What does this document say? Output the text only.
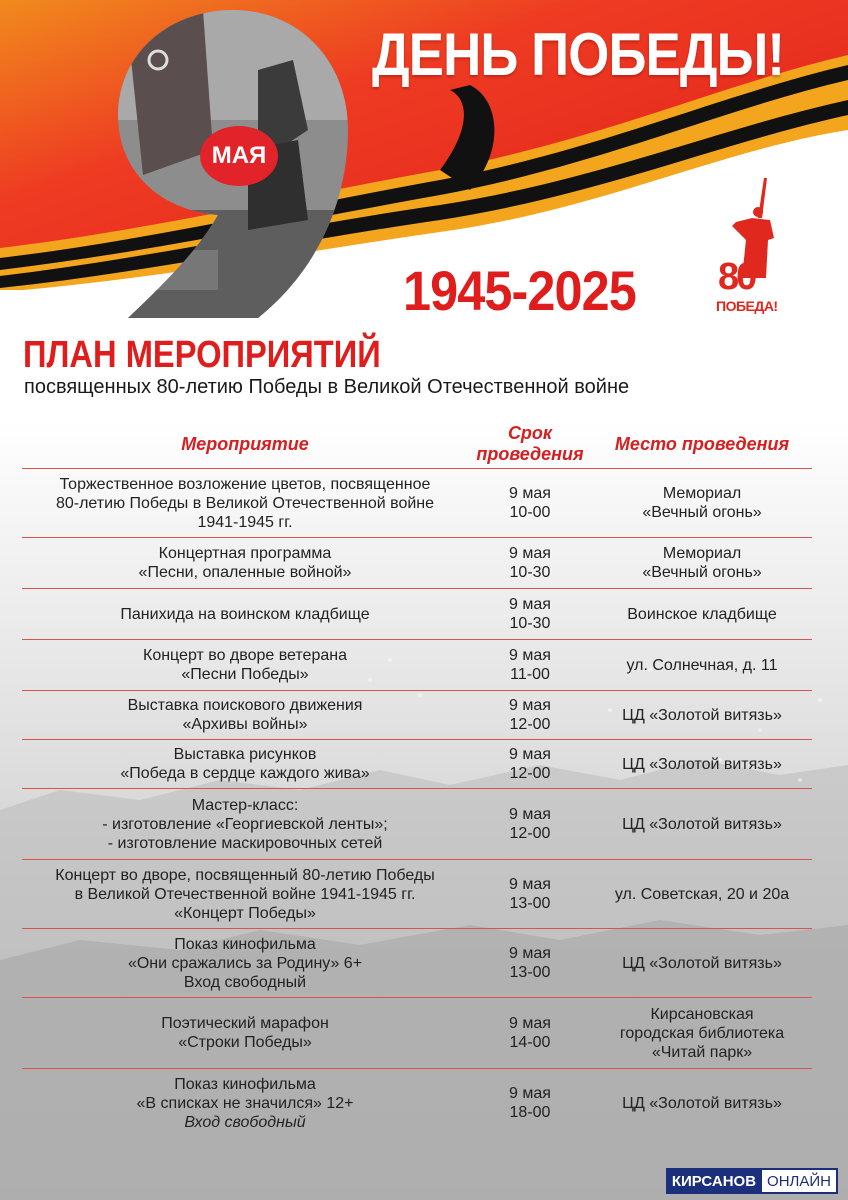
ДЕНЬ ПОБЕДЫ!
МАЯ
1945-2025 80
ПОБЕДА!
ПЛАН МЕРОПРИЯТИЙ
посвященных 80-летию Победы в Великой Отечественной войне
Мероприятие
Срок
проведения
Место проведения
Торжественное возложение цветов, посвященное
80-летию Победы в Великой Отечественной войне
1941-1945 гг.
9 мая
10-00
Мемориал
«Вечный огонь»
Концертная программа
«Песни, опаленные войной»
9 мая
10-30
Мемориал
«Вечный огонь»
Панихида на воинском кладбище
9 мая
10-30
Воинское кладбище
Концерт во дворе ветерана
«Песни Победы»
9 мая
11-00
ул. Солнечная, д. 11
Выставка поискового движения
«Архивы войны»
9 мая
12-00
ЦД «Золотой витязь»
Выставка рисунков
«Победа в сердце каждого жива»
9 мая
12-00
ЦД «Золотой витязь»
Мастер-класс:
- изготовление «Георгиевской ленты»;
- изготовление маскировочных сетей
9 мая
12-00
ЦД «Золотой витязь»
Концерт во дворе, посвященный 80-летию Победы
в Великой Отечественной войне 1941-1945 гг.
«Концерт Победы»
9 мая
13-00
ул. Советская, 20 и 20а
Показ кинофильма
«Они сражались за Родину» 6+
Вход свободный
9 мая
13-00
ЦД «Золотой витязь»
Поэтический марафон
«Строки Победы»
9 мая
14-00
Кирсановская
городская библиотека
«Читай парк»
Показ кинофильма
«В списках не значился» 12+
Вход свободный
9 мая
18-00
ЦД «Золотой витязь»
КИРСАНОВ ОНЛАЙН
